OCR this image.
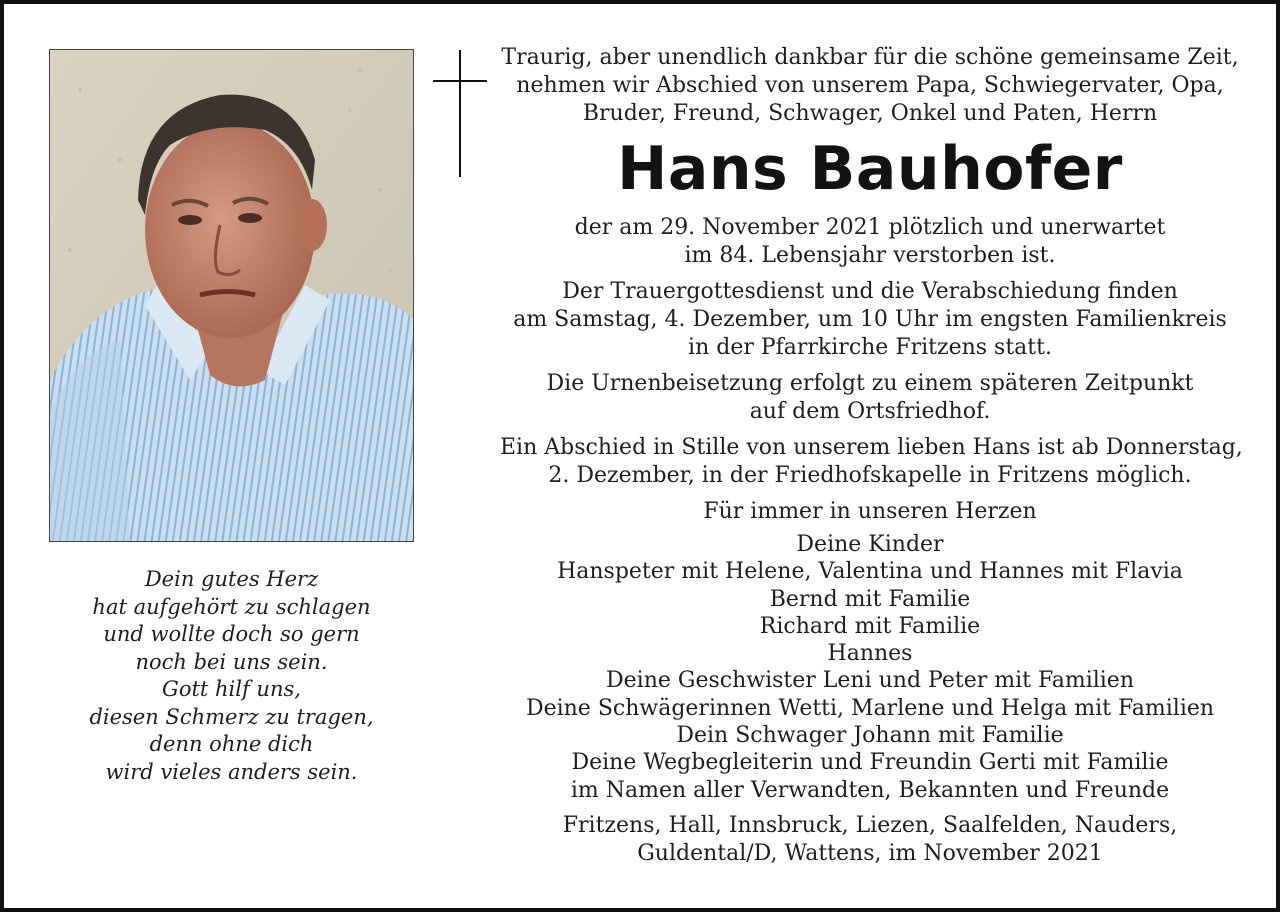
Dein gutes Herz
hat aufgehört zu schlagen
und wollte doch so gern
noch bei uns sein.
Gott hilf uns,
diesen Schmerz zu tragen,
denn ohne dich
wird vieles anders sein.
Traurig, aber unendlich dankbar für die schöne gemeinsame Zeit,
nehmen wir Abschied von unserem Papa, Schwiegervater, Opa,
Bruder, Freund, Schwager, Onkel und Paten, Herrn
Hans Bauhofer
der am 29. November 2021 plötzlich und unerwartet
im 84. Lebensjahr verstorben ist.
Der Trauergottesdienst und die Verabschiedung finden
am Samstag, 4. Dezember, um 10 Uhr im engsten Familienkreis
in der Pfarrkirche Fritzens statt.
Die Urnenbeisetzung erfolgt zu einem späteren Zeitpunkt
auf dem Ortsfriedhof.
Ein Abschied in Stille von unserem lieben Hans ist ab Donnerstag,
2. Dezember, in der Friedhofskapelle in Fritzens möglich.
Für immer in unseren Herzen
Deine Kinder
Hanspeter mit Helene, Valentina und Hannes mit Flavia
Bernd mit Familie
Richard mit Familie
Hannes
Deine Geschwister Leni und Peter mit Familien
Deine Schwägerinnen Wetti, Marlene und Helga mit Familien
Dein Schwager Johann mit Familie
Deine Wegbegleiterin und Freundin Gerti mit Familie
im Namen aller Verwandten, Bekannten und Freunde
Fritzens, Hall, Innsbruck, Liezen, Saalfelden, Nauders,
Guldental/D, Wattens, im November 2021
